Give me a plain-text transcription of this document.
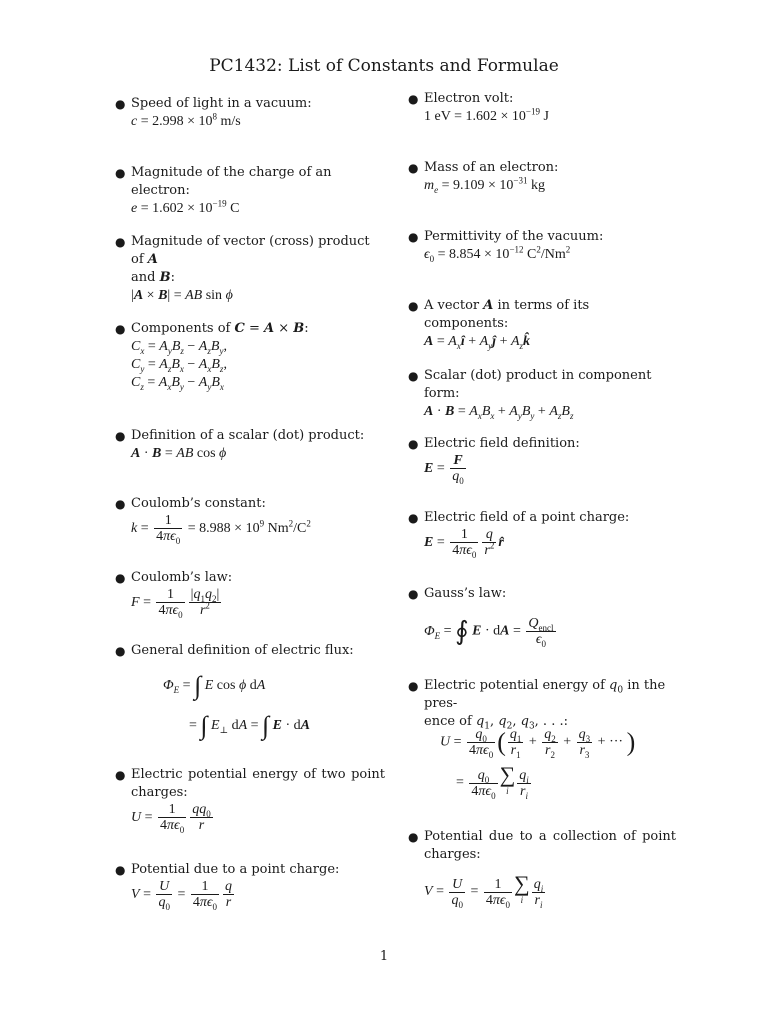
PC1432: List of Constants and Formulae
● Speed of light in a vacuum:
$c = 2.998 \times 10^8$ m/s
● Magnitude of the charge of an electron:
$e = 1.602 \times 10^{-19}$ C
● Magnitude of vector (cross) product of A
and B:
|A × B| = AB sin ϕ
● Components of C = A × B:
$C_x = A_yB_z - A_zB_y$,
$C_y = A_zB_x - A_xB_z$,
$C_z = A_xB_y - A_yB_x$
● Definition of a scalar (dot) product:
A · B = AB cos ϕ
● Coulomb’s constant:
$k = \frac{1}{4\pi\epsilon_0} = 8.988 \times 10^9$ $Nm^2/C^2$
● Coulomb’s law:
$F = \frac{1}{4\pi\epsilon_0} \frac{|q_1q_2|}{r^2}$
● General definition of electric flux:
$\Phi_E$ = ∫ E cos ϕ dA
= ∫ $E_\perp$ dA = ∫ E · dA
● Electric potential energy of two point charges:
$U = \frac{1}{4\pi\epsilon_0} \frac{qq_0}{r}$
● Potential due to a point charge:
$V = \frac{U}{q_0} = \frac{1}{4\pi\epsilon_0} \frac{q}{r}$
● Electron volt:
1 eV = $1.602 \times 10^{-19}$ J
● Mass of an electron:
$m_e = 9.109 \times 10^{-31}$ kg
● Permittivity of the vacuum:
$\epsilon_0 = 8.854 \times 10^{-12}$ $C^2/Nm^2$
● A vector A in terms of its components:
$A = A_xî$ + $A_yĵ$ + $A_zk̂$
● Scalar (dot) product in component form:
$A \cdot B = A_xB_x + A_yB_y + A_zB_z$
● Electric field definition:
$E = \frac{F}{q_0}$
● Electric field of a point charge:
$E = \frac{1}{4\pi\epsilon_0} \frac{q}{r^2}$ r̂
● Gauss’s law:
$\Phi_E$ = ∮ E · dA = $\frac{Q_{encl}}{\epsilon_0}$
● Electric potential energy of $q_0$ in the pres-
ence of $q_1$, $q_2$, $q_3$, . . .:
$U = \frac{q_0}{4\pi\epsilon_0}$ ( $\frac{q_1}{r_1} + \frac{q_2}{r_2} + \frac{q_3}{r_3}$ + ··· )
= $\frac{q_0}{4\pi\epsilon_0}$ ∑
i $\frac{q_i}{r_i}$
● Potential due to a collection of point charges:
$V = \frac{U}{q_0} = \frac{1}{4\pi\epsilon_0}$ ∑
i $\frac{q_i}{r_i}$
1
